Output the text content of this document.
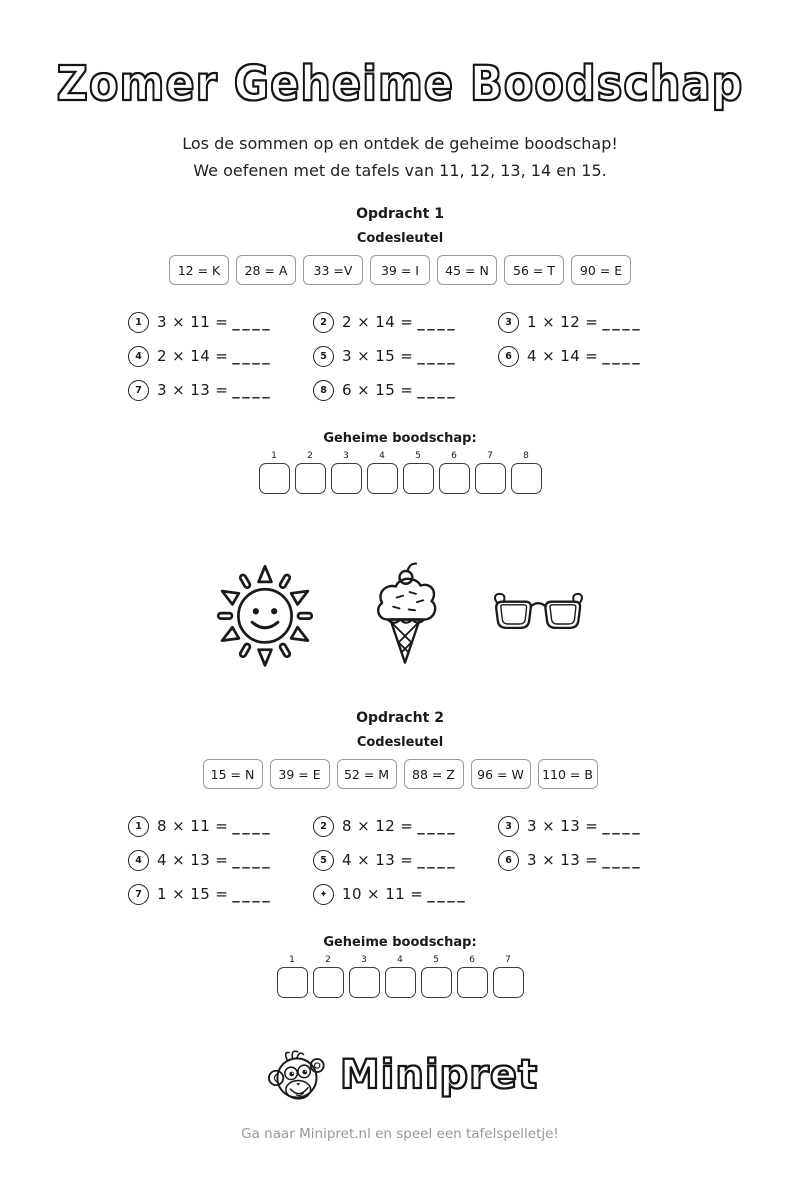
Zomer Geheime Boodschap

Los de sommen op en ontdek de geheime boodschap!

We oefenen met de tafels van 11, 12, 13, 14 en 15.

Opdracht 1
Codesleutel
12 = K	28 = A	33 =V	39 = I	45 = N	56 = T	90 = E
1	3 × 11 = ____	2	2 × 14 = ____	3	1 × 12 = ____
4	2 × 14 = ____	5	3 × 15 = ____	6	4 × 14 = ____
7	3 × 13 = ____	8	6 × 15 = ____
Geheime boodschap:
1	2	3	4	5	6	7	8
Opdracht 2
Codesleutel
15 = N	39 = E	52 = M	88 = Z	96 = W	110 = B
1	8 × 11 = ____	2	8 × 12 = ____	3	3 × 13 = ____
4	4 × 13 = ____	5	4 × 13 = ____	6	3 × 13 = ____
7	1 × 15 = ____	✦ 10 × 11 = ____
Geheime boodschap:
1	2	3	4	5	6	7
Minipret

Ga naar Minipret.nl en speel een tafelspelletje!
